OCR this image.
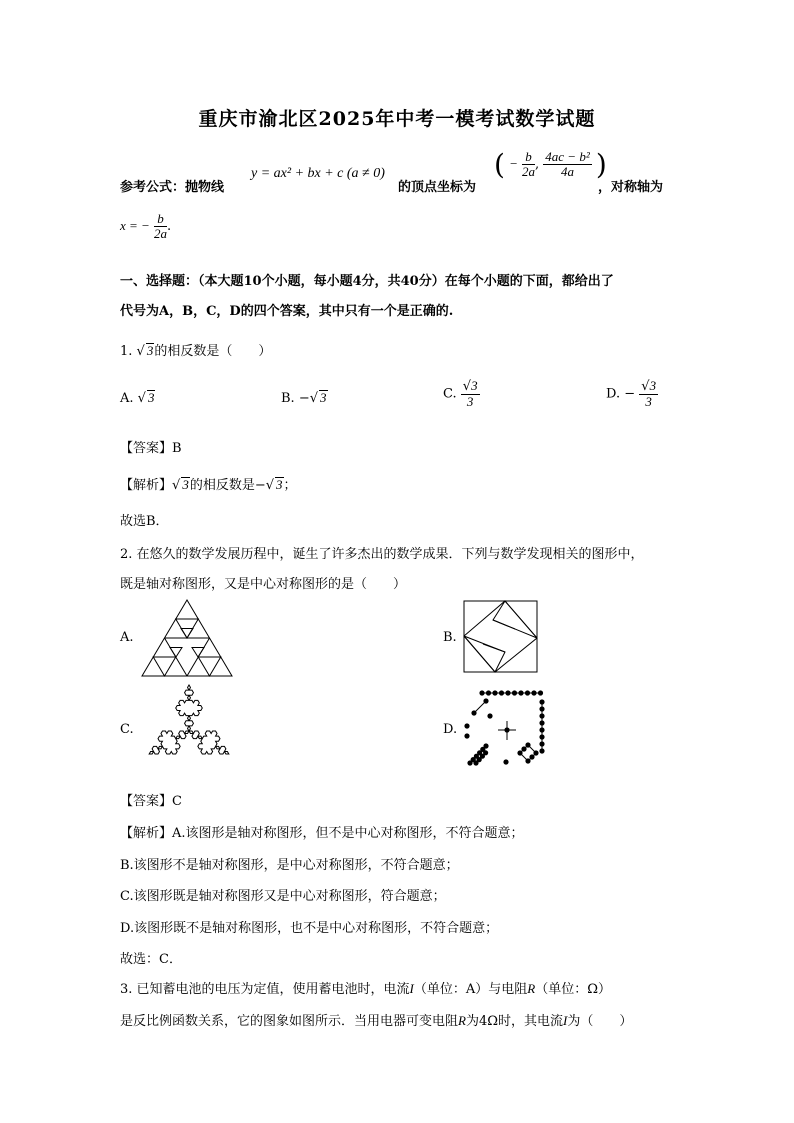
重庆市渝北区2025年中考一模考试数学试题
参考公式：抛物线
y = ax² + bx + c (a ≠ 0)
的顶点坐标为
( − $\frac{b}{2a}$ , $\frac{\text{4ac − b²}}{4a}$ )
，对称轴为
x = − $\frac{b}{2a}$ .
一、选择题：（本大题10个小题，每小题4分，共40分）在每个小题的下面，都给出了
代号为A，B，C，D的四个答案，其中只有一个是正确的.
1. √ 3的相反数是（　　）
A. √ 3	B. −√ 3	C. $\frac{√3}{3}$	D. − $\frac{√3}{3}$
【答案】B
【解析】√ 3的相反数是−√ 3；
故选B．
2. 在悠久的数学发展历程中，诞生了许多杰出的数学成果．下列与数学发现相关的图形中，
既是轴对称图形，又是中心对称图形的是（　　）
A.	B.
C.	D.
【答案】C
【解析】A.该图形是轴对称图形，但不是中心对称图形，不符合题意；
B.该图形不是轴对称图形，是中心对称图形，不符合题意；
C.该图形既是轴对称图形又是中心对称图形，符合题意；
D.该图形既不是轴对称图形，也不是中心对称图形，不符合题意；
故选：C．
3. 已知蓄电池的电压为定值，使用蓄电池时，电流I（单位：A）与电阻R（单位：Ω）
是反比例函数关系，它的图象如图所示．当用电器可变电阻R为4Ω时，其电流I为（　　）
